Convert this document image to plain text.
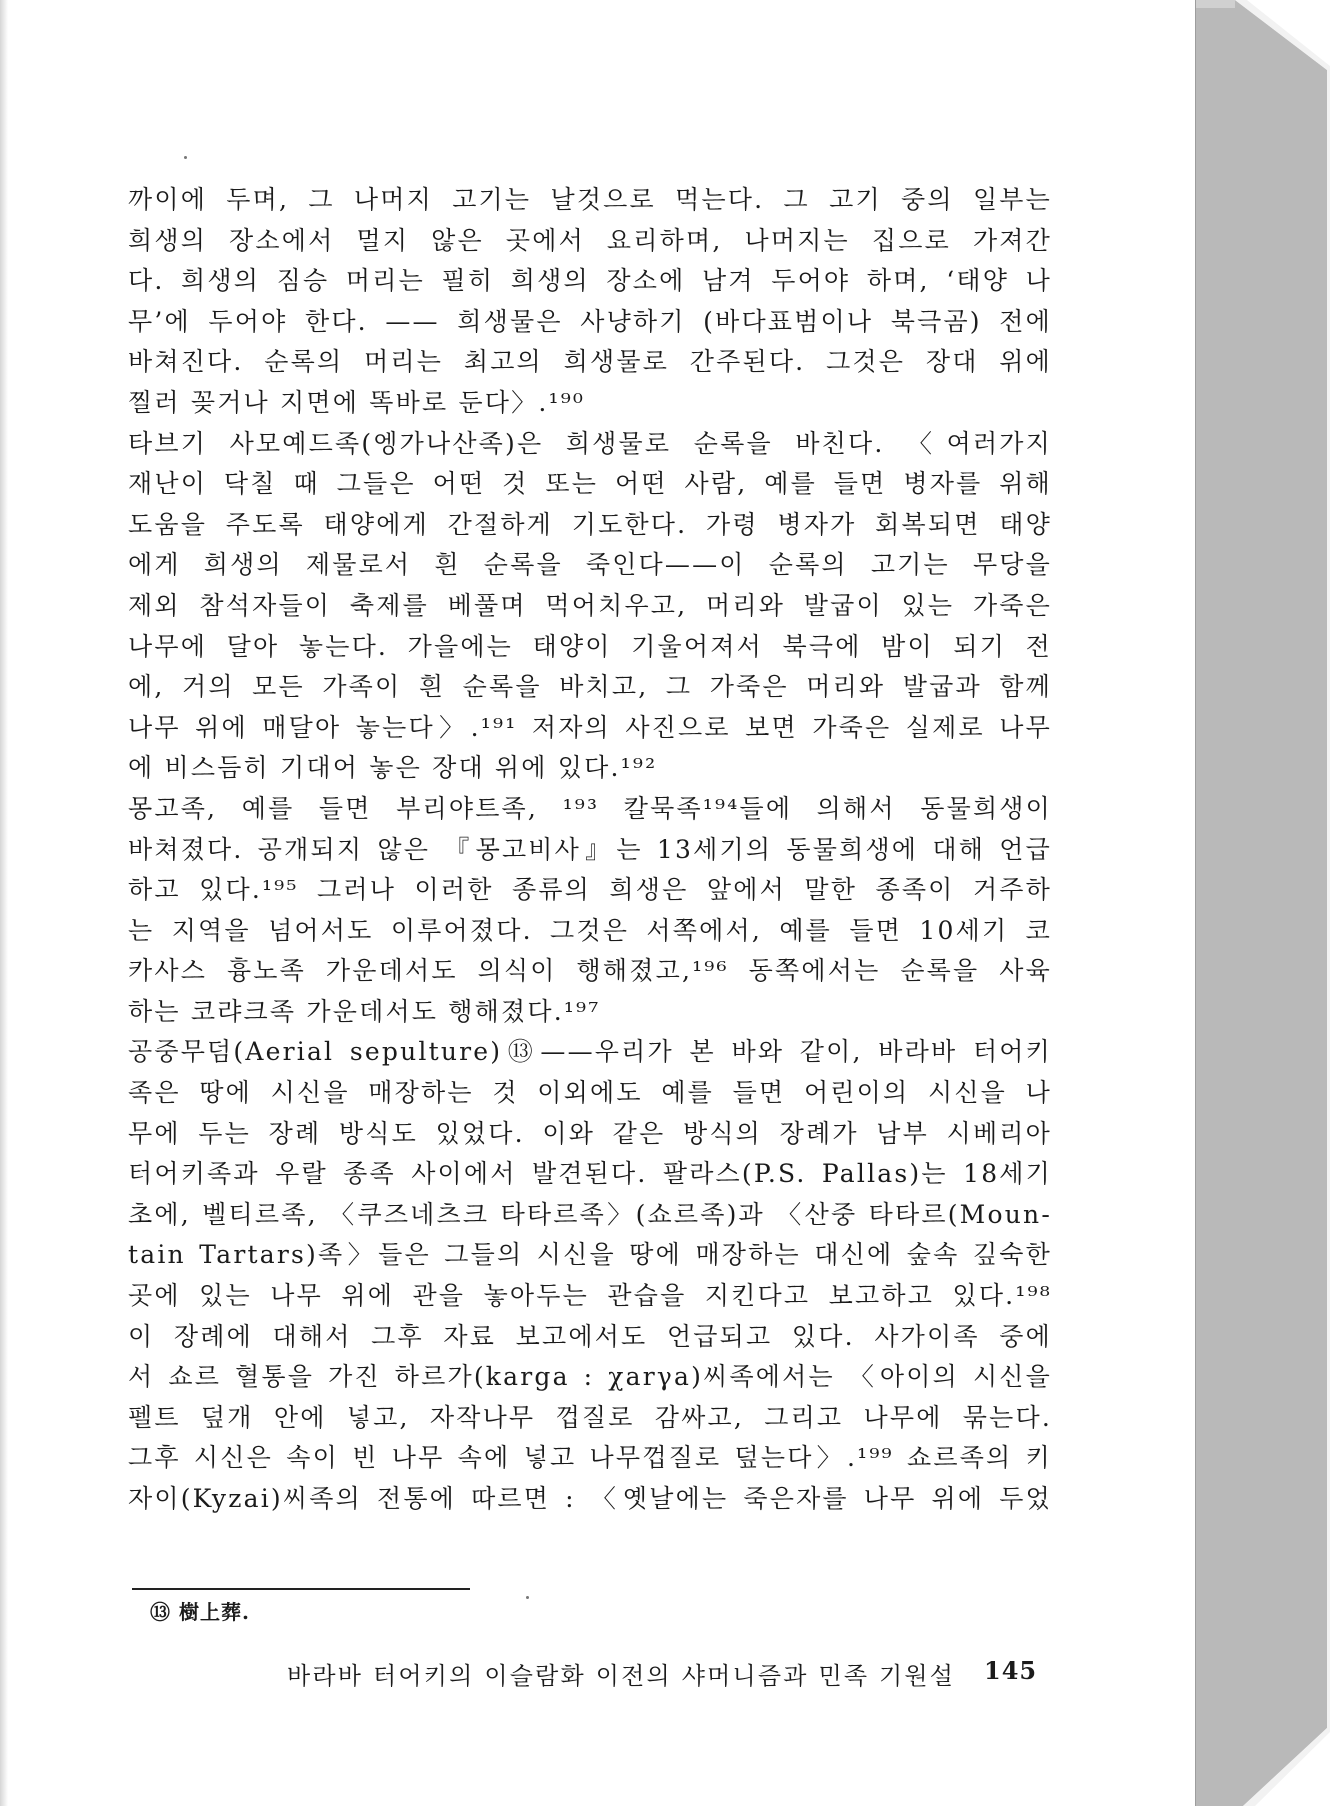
까이에 두며, 그 나머지 고기는 날것으로 먹는다. 그 고기 중의 일부는
희생의 장소에서 멀지 않은 곳에서 요리하며, 나머지는 집으로 가져간
다. 희생의 짐승 머리는 필히 희생의 장소에 남겨 두어야 하며, ‘태양 나
무’에 두어야 한다. —— 희생물은 사냥하기 (바다표범이나 북극곰) 전에
바쳐진다. 순록의 머리는 최고의 희생물로 간주된다. 그것은 장대 위에
찔러 꽂거나 지면에 똑바로 둔다〉.¹⁹⁰

타브기 사모예드족(엥가나산족)은 희생물로 순록을 바친다. 〈여러가지
재난이 닥칠 때 그들은 어떤 것 또는 어떤 사람, 예를 들면 병자를 위해
도움을 주도록 태양에게 간절하게 기도한다. 가령 병자가 회복되면 태양
에게 희생의 제물로서 흰 순록을 죽인다——이 순록의 고기는 무당을
제외 참석자들이 축제를 베풀며 먹어치우고, 머리와 발굽이 있는 가죽은
나무에 달아 놓는다. 가을에는 태양이 기울어져서 북극에 밤이 되기 전
에, 거의 모든 가족이 흰 순록을 바치고, 그 가죽은 머리와 발굽과 함께
나무 위에 매달아 놓는다〉.¹⁹¹ 저자의 사진으로 보면 가죽은 실제로 나무
에 비스듬히 기대어 놓은 장대 위에 있다.¹⁹²

몽고족, 예를 들면 부리야트족, ¹⁹³ 칼묵족¹⁹⁴들에 의해서 동물희생이
바쳐졌다. 공개되지 않은 『몽고비사』는 13세기의 동물희생에 대해 언급
하고 있다.¹⁹⁵ 그러나 이러한 종류의 희생은 앞에서 말한 종족이 거주하
는 지역을 넘어서도 이루어졌다. 그것은 서쪽에서, 예를 들면 10세기 코
카사스 흉노족 가운데서도 의식이 행해졌고,¹⁹⁶ 동쪽에서는 순록을 사육
하는 코랴크족 가운데서도 행해졌다.¹⁹⁷

공중무덤(Aerial sepulture)⑬——우리가 본 바와 같이, 바라바 터어키
족은 땅에 시신을 매장하는 것 이외에도 예를 들면 어린이의 시신을 나
무에 두는 장례 방식도 있었다. 이와 같은 방식의 장례가 남부 시베리아
터어키족과 우랄 종족 사이에서 발견된다. 팔라스(P.S. Pallas)는 18세기
초에, 벨티르족, 〈쿠즈네츠크 타타르족〉(쇼르족)과 〈산중 타타르(Moun-
tain Tartars)족〉들은 그들의 시신을 땅에 매장하는 대신에 숲속 깊숙한
곳에 있는 나무 위에 관을 놓아두는 관습을 지킨다고 보고하고 있다.¹⁹⁸
이 장례에 대해서 그후 자료 보고에서도 언급되고 있다. 사가이족 중에
서 쇼르 혈통을 가진 하르가(karga : χarγa)씨족에서는 〈아이의 시신을
펠트 덮개 안에 넣고, 자작나무 껍질로 감싸고, 그리고 나무에 묶는다.
그후 시신은 속이 빈 나무 속에 넣고 나무껍질로 덮는다〉.¹⁹⁹ 쇼르족의 키
자이(Kyzai)씨족의 전통에 따르면 : 〈옛날에는 죽은자를 나무 위에 두었

⑬ 樹上葬.
바라바 터어키의 이슬람화 이전의 샤머니즘과 민족 기원설 145
